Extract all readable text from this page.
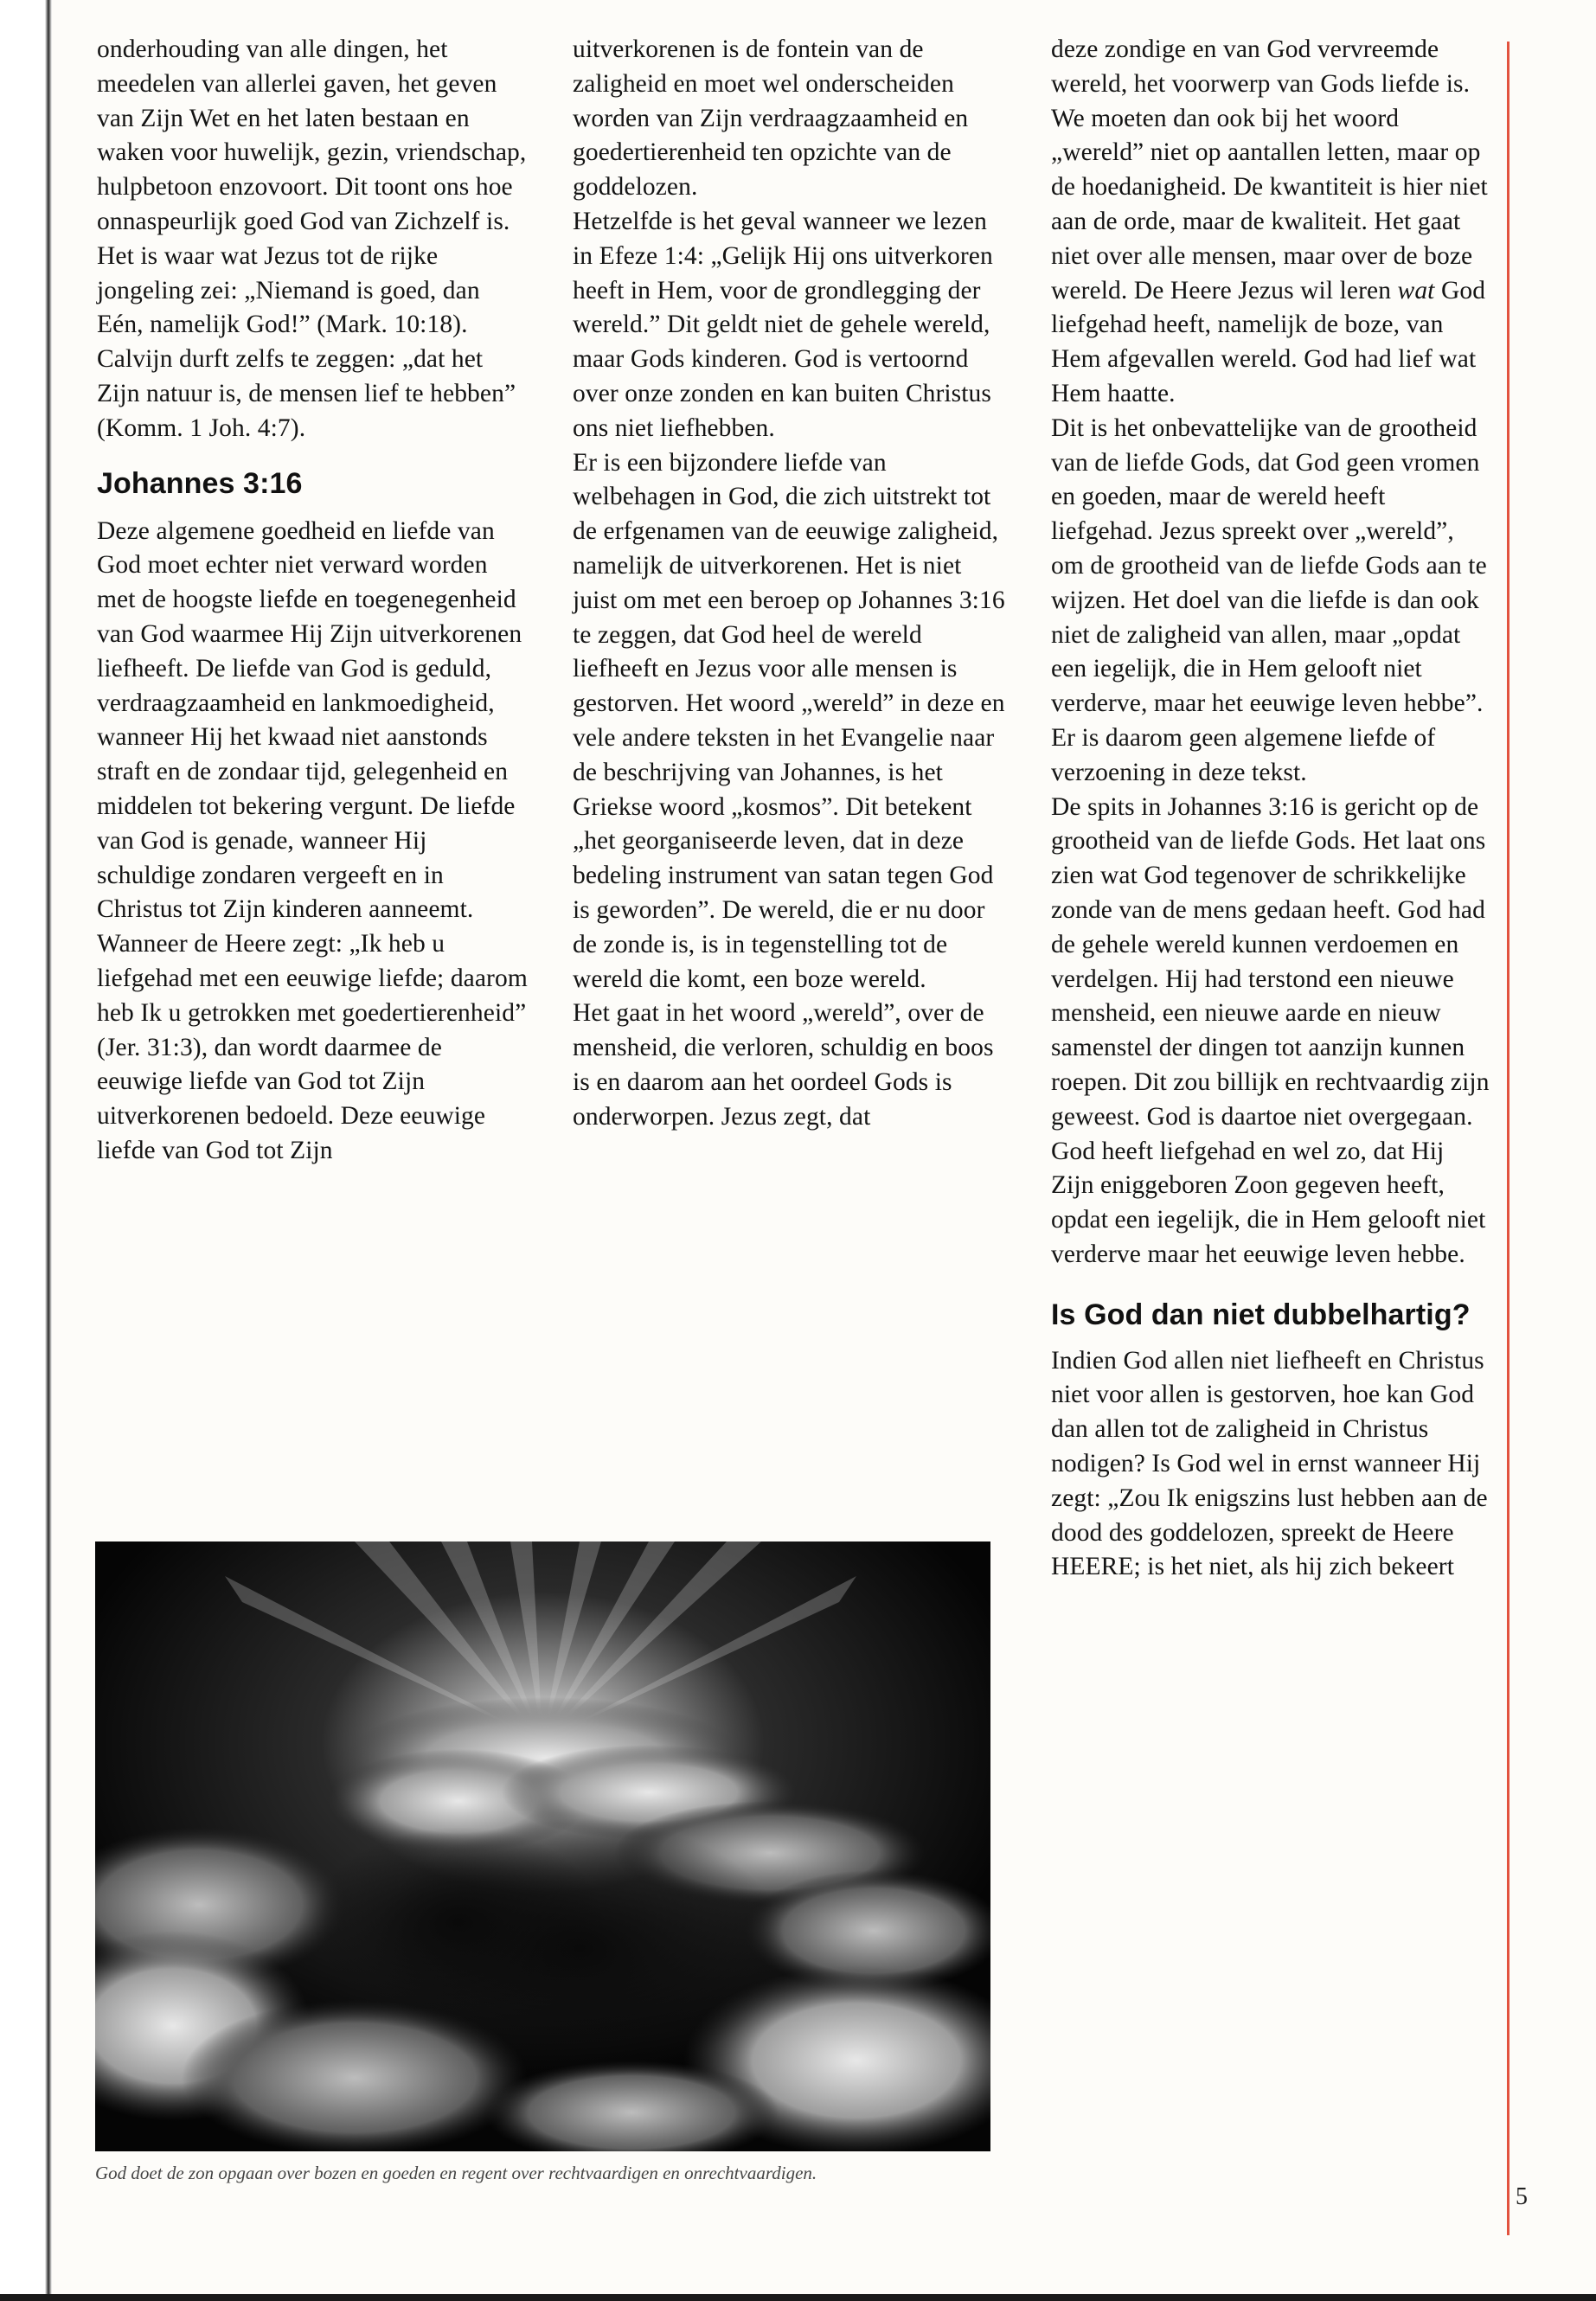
onderhouding van alle dingen, het meedelen van allerlei gaven, het geven van Zijn Wet en het laten bestaan en waken voor huwelijk, gezin, vriendschap, hulpbetoon enzovoort. Dit toont ons hoe onnaspeurlijk goed God van Zichzelf is. Het is waar wat Jezus tot de rijke jongeling zei: „Niemand is goed, dan Eén, namelijk God!” (Mark. 10:18). Calvijn durft zelfs te zeggen: „dat het Zijn natuur is, de mensen lief te hebben” (Komm. 1 Joh. 4:7).

Johannes 3:16

Deze algemene goedheid en liefde van God moet echter niet verward worden met de hoogste liefde en toegenegenheid van God waarmee Hij Zijn uitverkorenen liefheeft. De liefde van God is geduld, verdraagzaamheid en lankmoedigheid, wanneer Hij het kwaad niet aanstonds straft en de zondaar tijd, gelegenheid en middelen tot bekering vergunt. De liefde van God is genade, wanneer Hij schuldige zondaren vergeeft en in Christus tot Zijn kinderen aanneemt. Wanneer de Heere zegt: „Ik heb u liefgehad met een eeuwige liefde; daarom heb Ik u getrokken met goedertierenheid” (Jer. 31:3), dan wordt daarmee de eeuwige liefde van God tot Zijn uitverkorenen bedoeld. Deze eeuwige liefde van God tot Zijn

uitverkorenen is de fontein van de zaligheid en moet wel onderscheiden worden van Zijn verdraagzaamheid en goedertierenheid ten opzichte van de goddelozen.

Hetzelfde is het geval wanneer we lezen in Efeze 1:4: „Gelijk Hij ons uitverkoren heeft in Hem, voor de grondlegging der wereld.” Dit geldt niet de gehele wereld, maar Gods kinderen. God is vertoornd over onze zonden en kan buiten Christus ons niet liefhebben.

Er is een bijzondere liefde van welbehagen in God, die zich uitstrekt tot de erfgenamen van de eeuwige zaligheid, namelijk de uitverkorenen. Het is niet juist om met een beroep op Johannes 3:16 te zeggen, dat God heel de wereld liefheeft en Jezus voor alle mensen is gestorven. Het woord „wereld” in deze en vele andere teksten in het Evangelie naar de beschrijving van Johannes, is het Griekse woord „kosmos”. Dit betekent „het georganiseerde leven, dat in deze bedeling instrument van satan tegen God is geworden”. De wereld, die er nu door de zonde is, is in tegenstelling tot de wereld die komt, een boze wereld.

Het gaat in het woord „wereld”, over de mensheid, die verloren, schuldig en boos is en daarom aan het oordeel Gods is onderworpen. Jezus zegt, dat

deze zondige en van God vervreemde wereld, het voorwerp van Gods liefde is.

We moeten dan ook bij het woord „wereld” niet op aantallen letten, maar op de hoedanigheid. De kwantiteit is hier niet aan de orde, maar de kwaliteit. Het gaat niet over alle mensen, maar over de boze wereld. De Heere Jezus wil leren wat God liefgehad heeft, namelijk de boze, van Hem afgevallen wereld. God had lief wat Hem haatte.

Dit is het onbevattelijke van de grootheid van de liefde Gods, dat God geen vromen en goeden, maar de wereld heeft liefgehad. Jezus spreekt over „wereld”, om de grootheid van de liefde Gods aan te wijzen. Het doel van die liefde is dan ook niet de zaligheid van allen, maar „opdat een iegelijk, die in Hem gelooft niet verderve, maar het eeuwige leven hebbe”. Er is daarom geen algemene liefde of verzoening in deze tekst.

De spits in Johannes 3:16 is gericht op de grootheid van de liefde Gods. Het laat ons zien wat God tegenover de schrikkelijke zonde van de mens gedaan heeft. God had de gehele wereld kunnen verdoemen en verdelgen. Hij had terstond een nieuwe mensheid, een nieuwe aarde en nieuw samenstel der dingen tot aanzijn kunnen roepen. Dit zou billijk en rechtvaardig zijn geweest. God is daartoe niet overgegaan. God heeft liefgehad en wel zo, dat Hij Zijn eniggeboren Zoon gegeven heeft, opdat een iegelijk, die in Hem gelooft niet verderve maar het eeuwige leven hebbe.

Is God dan niet dubbelhartig?

Indien God allen niet liefheeft en Christus niet voor allen is gestorven, hoe kan God dan allen tot de zaligheid in Christus nodigen? Is God wel in ernst wanneer Hij zegt: „Zou Ik enigszins lust hebben aan de dood des goddelozen, spreekt de Heere HEERE; is het niet, als hij zich bekeert

God doet de zon opgaan over bozen en goeden en regent over rechtvaardigen en onrechtvaardigen.
5
